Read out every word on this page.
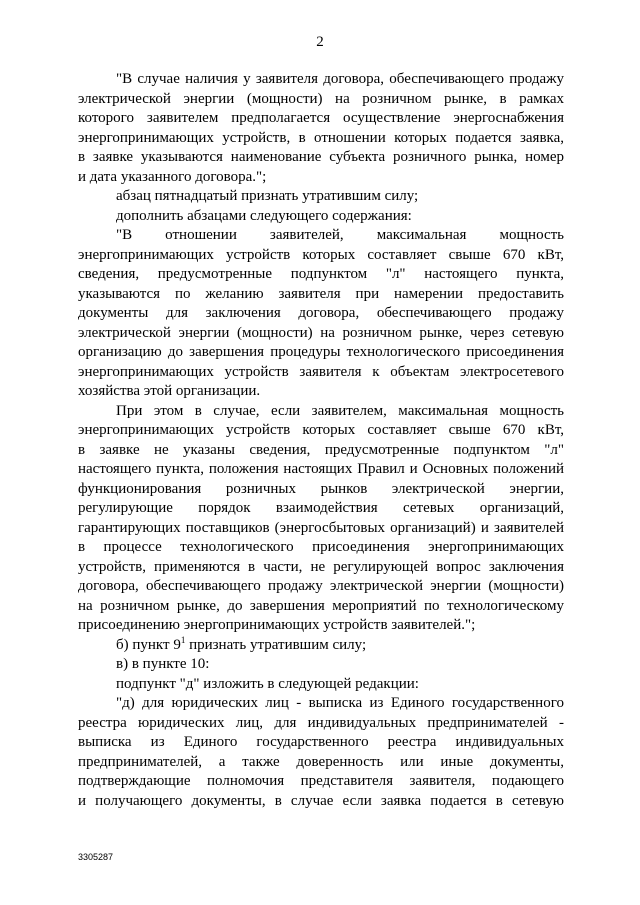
2
"В случае наличия у заявителя договора, обеспечивающего продажу
электрической энергии (мощности) на розничном рынке, в рамках
которого заявителем предполагается осуществление энергоснабжения
энергопринимающих устройств, в отношении которых подается заявка,
в заявке указываются наименование субъекта розничного рынка, номер
и дата указанного договора.";
абзац пятнадцатый признать утратившим силу;
дополнить абзацами следующего содержания:
"В отношении заявителей, максимальная мощность
энергопринимающих устройств которых составляет свыше 670 кВт,
сведения, предусмотренные подпунктом "л" настоящего пункта,
указываются по желанию заявителя при намерении предоставить
документы для заключения договора, обеспечивающего продажу
электрической энергии (мощности) на розничном рынке, через сетевую
организацию до завершения процедуры технологического присоединения
энергопринимающих устройств заявителя к объектам электросетевого
хозяйства этой организации.
При этом в случае, если заявителем, максимальная мощность
энергопринимающих устройств которых составляет свыше 670 кВт,
в заявке не указаны сведения, предусмотренные подпунктом "л"
настоящего пункта, положения настоящих Правил и Основных положений
функционирования розничных рынков электрической энергии,
регулирующие порядок взаимодействия сетевых организаций,
гарантирующих поставщиков (энергосбытовых организаций) и заявителей
в процессе технологического присоединения энергопринимающих
устройств, применяются в части, не регулирующей вопрос заключения
договора, обеспечивающего продажу электрической энергии (мощности)
на розничном рынке, до завершения мероприятий по технологическому
присоединению энергопринимающих устройств заявителей.";
б) пункт $9^1$ признать утратившим силу;
в) в пункте 10:
подпункт "д" изложить в следующей редакции:
"д) для юридических лиц - выписка из Единого государственного
реестра юридических лиц, для индивидуальных предпринимателей -
выписка из Единого государственного реестра индивидуальных
предпринимателей, а также доверенность или иные документы,
подтверждающие полномочия представителя заявителя, подающего
и получающего документы, в случае если заявка подается в сетевую
3305287
